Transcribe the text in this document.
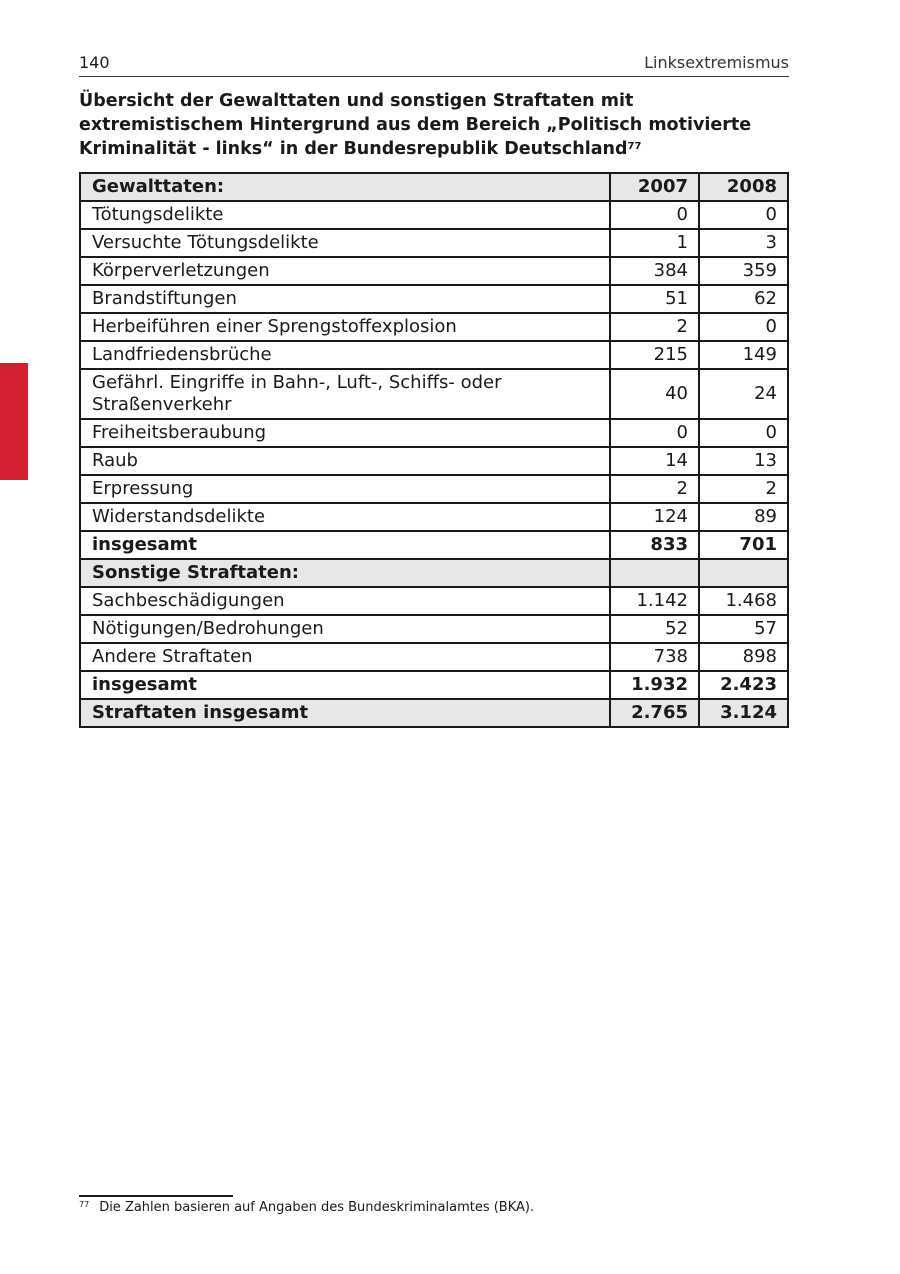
140	Linksextremismus

Übersicht der Gewalttaten und sonstigen Straftaten mit extremistischem Hintergrund aus dem Bereich „Politisch motivierte Kriminalität - links“ in der Bundesrepublik Deutschland$^{77}$

Gewalttaten:	2007	2008
Tötungsdelikte	0	0
Versuchte Tötungsdelikte	1	3
Körperverletzungen	384	359
Brandstiftungen	51	62
Herbeiführen einer Sprengstoffexplosion	2	0
Landfriedensbrüche	215	149
Gefährl. Eingriffe in Bahn-, Luft-, Schiffs- oder Straßenverkehr	40	24
Freiheitsberaubung	0	0
Raub	14	13
Erpressung	2	2
Widerstandsdelikte	124	89
insgesamt	833	701
Sonstige Straftaten:		
Sachbeschädigungen	1.142	1.468
Nötigungen/Bedrohungen	52	57
Andere Straftaten	738	898
insgesamt	1.932	2.423
Straftaten insgesamt	2.765	3.124
$^{77}$ Die Zahlen basieren auf Angaben des Bundeskriminalamtes (BKA).
